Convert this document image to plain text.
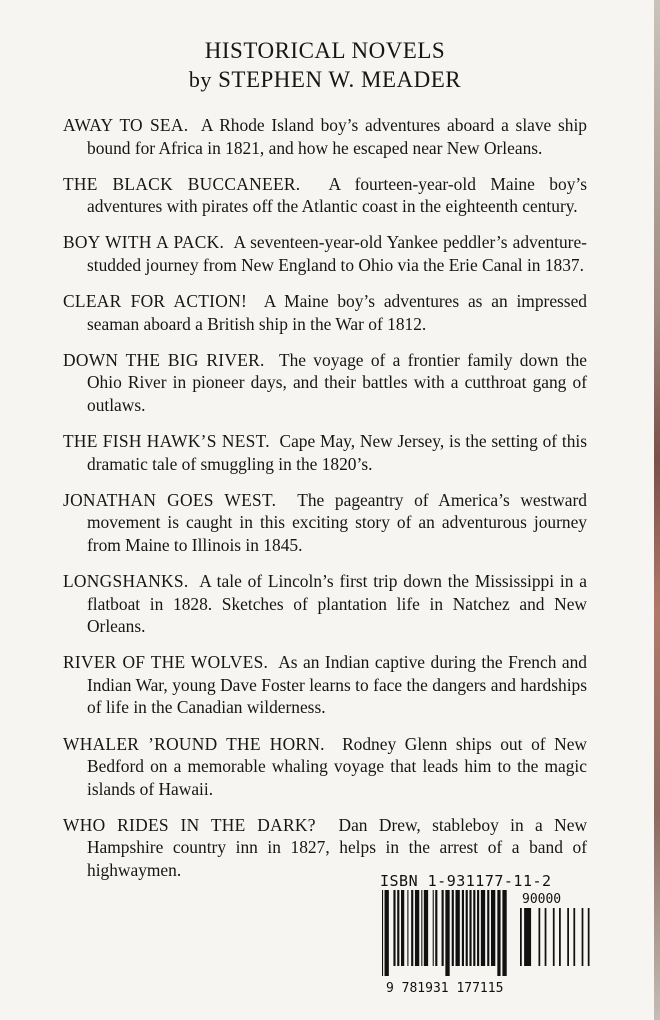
HISTORICAL NOVELS
by STEPHEN W. MEADER
AWAY TO SEA. A Rhode Island boy’s adventures aboard a slave ship bound for Africa in 1821, and how he escaped near New Orleans.
THE BLACK BUCCANEER. A fourteen-year-old Maine boy’s adventures with pirates off the Atlantic coast in the eighteenth century.
BOY WITH A PACK. A seventeen-year-old Yankee peddler’s adventure-studded journey from New England to Ohio via the Erie Canal in 1837.
CLEAR FOR ACTION! A Maine boy’s adventures as an impressed seaman aboard a British ship in the War of 1812.
DOWN THE BIG RIVER. The voyage of a frontier family down the Ohio River in pioneer days, and their battles with a cutthroat gang of outlaws.
THE FISH HAWK’S NEST. Cape May, New Jersey, is the setting of this dramatic tale of smuggling in the 1820’s.
JONATHAN GOES WEST. The pageantry of America’s westward movement is caught in this exciting story of an adventurous journey from Maine to Illinois in 1845.
LONGSHANKS. A tale of Lincoln’s first trip down the Mississippi in a flatboat in 1828. Sketches of plantation life in Natchez and New Orleans.
RIVER OF THE WOLVES. As an Indian captive during the French and Indian War, young Dave Foster learns to face the dangers and hardships of life in the Canadian wilderness.
WHALER ’ROUND THE HORN. Rodney Glenn ships out of New Bedford on a memorable whaling voyage that leads him to the magic islands of Hawaii.
WHO RIDES IN THE DARK? Dan Drew, stableboy in a New Hampshire country inn in 1827, helps in the arrest of a band of highwaymen.
ISBN 1-931177-11-2
90000
9 781931 177115
